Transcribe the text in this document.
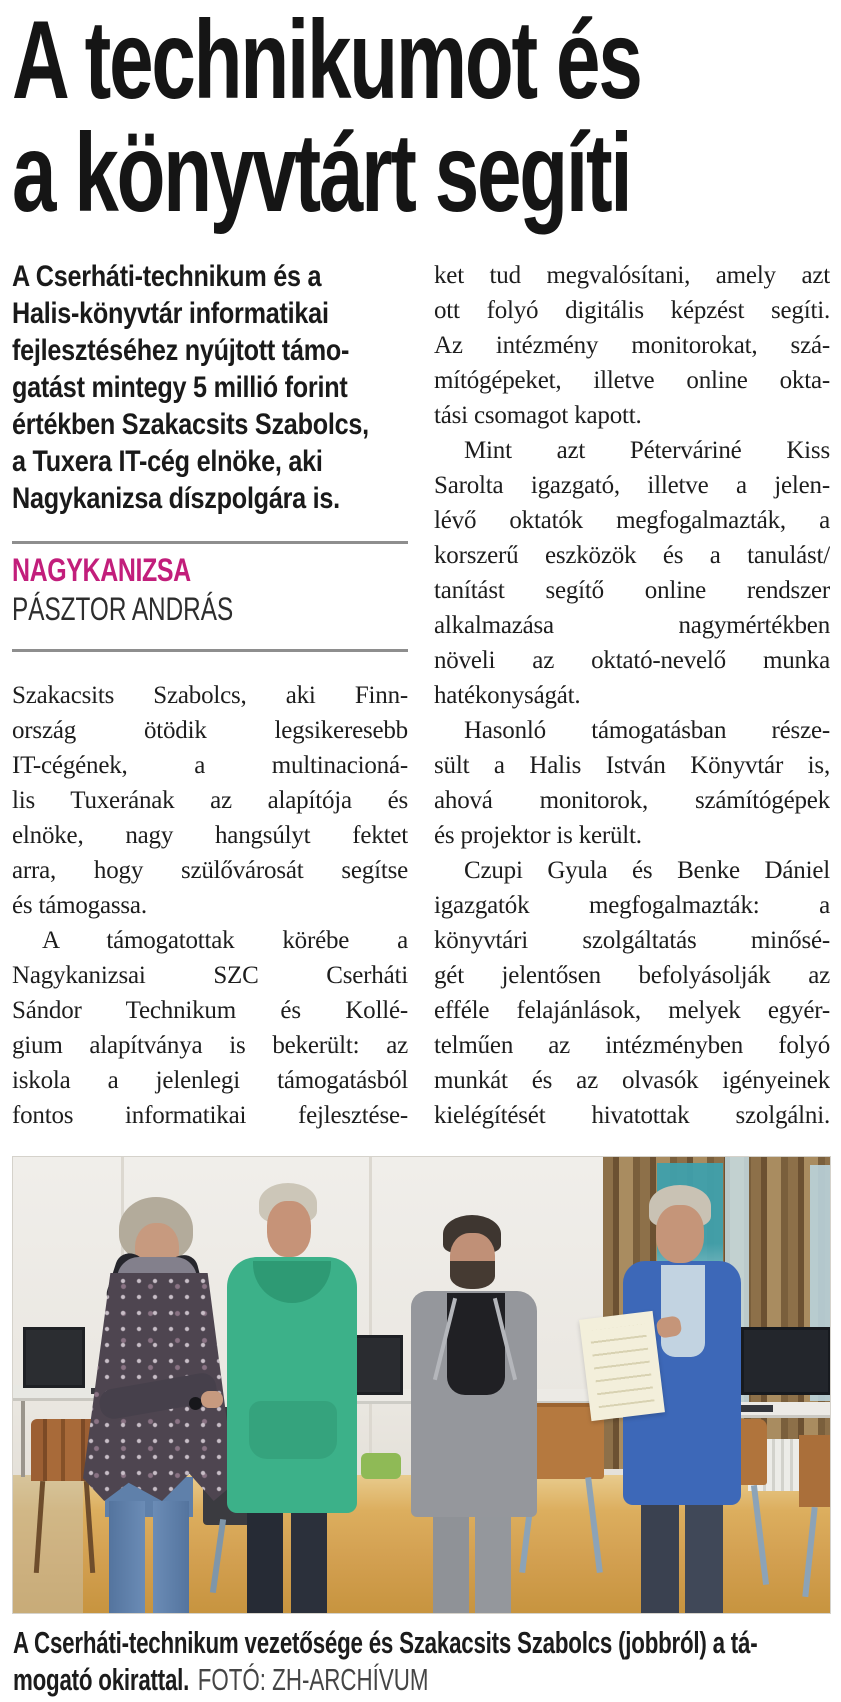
A technikumot és
a könyvtárt segíti
A Cserháti-technikum és a
Halis-könyvtár informatikai
fejlesztéséhez nyújtott támo-
gatást mintegy 5 millió forint
értékben Szakacsits Szabolcs,
a Tuxera IT-cég elnöke, aki
Nagykanizsa díszpolgára is.
NAGYKANIZSA
PÁSZTOR ANDRÁS
Szakacsits Szabolcs, aki Finn-
ország ötödik legsikeresebb
IT-cégének, a multinacioná-
lis Tuxerának az alapítója és
elnöke, nagy hangsúlyt fektet
arra, hogy szülővárosát segítse
és támogassa.
A támogatottak körébe a
Nagykanizsai SZC Cserháti
Sándor Technikum és Kollé-
gium alapítványa is bekerült: az
iskola a jelenlegi támogatásból
fontos informatikai fejlesztése-
ket tud megvalósítani, amely azt
ott folyó digitális képzést segíti.
Az intézmény monitorokat, szá-
mítógépeket, illetve online okta-
tási csomagot kapott.
Mint azt Péterváriné Kiss
Sarolta igazgató, illetve a jelen-
lévő oktatók megfogalmazták, a
korszerű eszközök és a tanulást/
tanítást segítő online rendszer
alkalmazása nagymértékben
növeli az oktató-nevelő munka
hatékonyságát.
Hasonló támogatásban része-
sült a Halis István Könyvtár is,
ahová monitorok, számítógépek
és projektor is került.
Czupi Gyula és Benke Dániel
igazgatók megfogalmazták: a
könyvtári szolgáltatás minősé-
gét jelentősen befolyásolják az
efféle felajánlások, melyek egyér-
telműen az intézményben folyó
munkát és az olvasók igényeinek
kielégítését hivatottak szolgálni.
A Cserháti-technikum vezetősége és Szakacsits Szabolcs (jobbról) a tá-
mogató okirattal. FOTÓ: ZH-ARCHÍVUM
